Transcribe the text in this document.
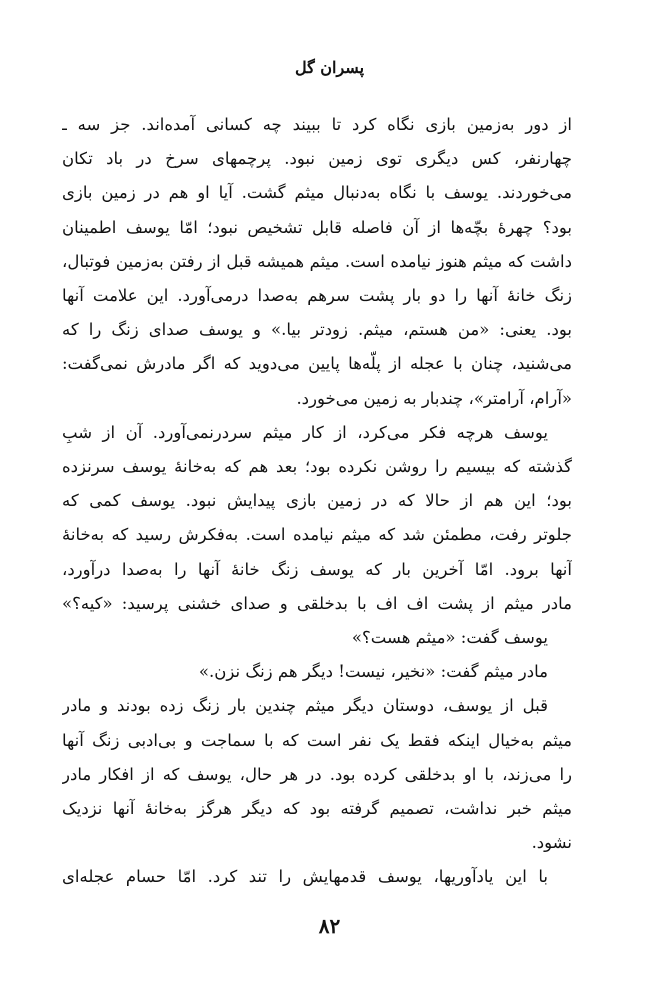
پسران گل
از دور به‌زمین بازی نگاه کرد تا ببیند چه کسانی آمده‌اند. جز سه ـ
چهارنفر، کس دیگری توی زمین نبود. پرچمهای سرخ در باد تکان
می‌خوردند. یوسف با نگاه به‌دنبال میثم گشت. آیا او هم در زمین بازی
بود؟ چهرهٔ بچّه‌ها از آن فاصله قابل تشخیص نبود؛ امّا یوسف اطمینان
داشت که میثم هنوز نیامده است. میثم همیشه قبل از رفتن به‌زمین فوتبال،
زنگ خانهٔ آنها را دو بار پشت سرهم به‌صدا درمی‌آورد. این علامت آنها
بود. یعنی: «من هستم، میثم. زودتر بیا.» و یوسف صدای زنگ را که
می‌شنید، چنان با عجله از پلّه‌ها پایین می‌دوید که اگر مادرش نمی‌گفت:
«آرام، آرامتر»، چندبار به زمین می‌خورد.
یوسف هرچه فکر می‌کرد، از کار میثم سردرنمی‌آورد. آن از شبِ
گذشته که بیسیم را روشن نکرده بود؛ بعد هم که به‌خانهٔ یوسف سرنزده
بود؛ این هم از حالا که در زمین بازی پیدایش نبود. یوسف کمی که
جلوتر رفت، مطمئن شد که میثم نیامده است. به‌فکرش رسید که به‌خانهٔ
آنها برود. امّا آخرین بار که یوسف زنگ خانهٔ آنها را به‌صدا درآورد،
مادر میثم از پشت اف اف با بدخلقی و صدای خشنی پرسید: «کیه؟»
یوسف گفت: «میثم هست؟»
مادر میثم گفت: «نخیر، نیست! دیگر هم زنگ نزن.»
قبل از یوسف، دوستان دیگر میثم چندین بار زنگ زده بودند و مادر
میثم به‌خیال اینکه فقط یک نفر است که با سماجت و بی‌ادبی زنگ آنها
را می‌زند، با او بدخلقی کرده بود. در هر حال، یوسف که از افکار مادر
میثم خبر نداشت، تصمیم گرفته بود که دیگر هرگز به‌خانهٔ آنها نزدیک
نشود.
با این یادآوریها، یوسف قدمهایش را تند کرد. امّا حسام عجله‌ای
۸۲
